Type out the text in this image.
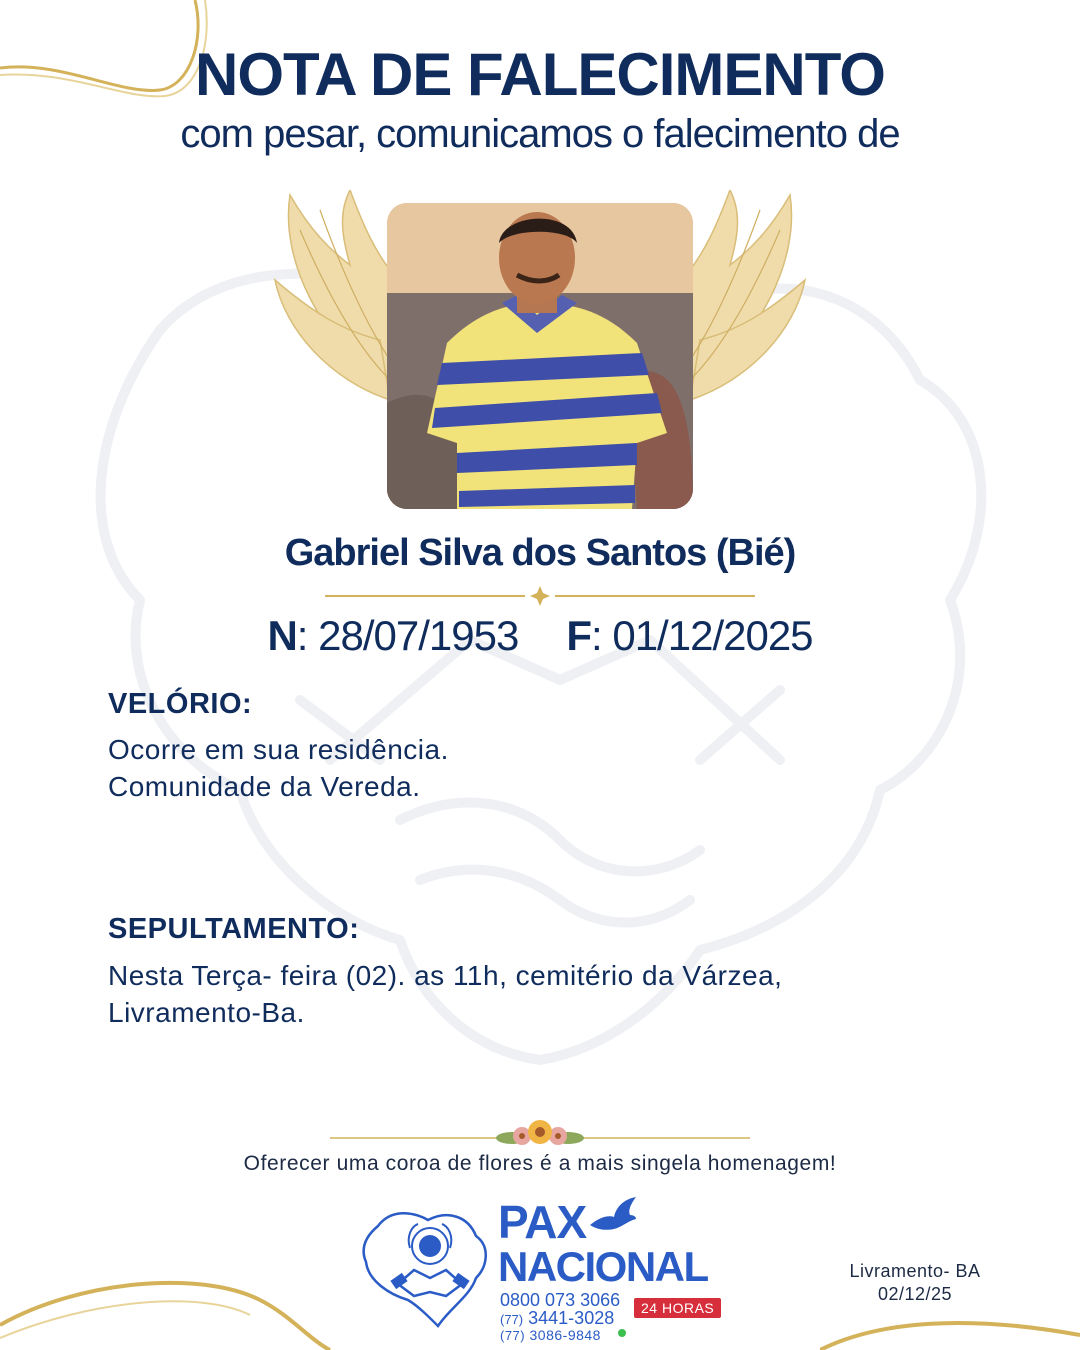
NOTA DE FALECIMENTO
com pesar, comunicamos o falecimento de
Gabriel Silva dos Santos (Bié)
N: 28/07/1953 F: 01/12/2025
VELÓRIO:
Ocorre em sua residência.
Comunidade da Vereda.
SEPULTAMENTO:
Nesta Terça- feira (02). as 11h, cemitério da Várzea,
Livramento-Ba.
Oferecer uma coroa de flores é a mais singela homenagem!
PAX
NACIONAL
0800 073 3066
(77) 3441-3028
(77) 3086-9848
24 HORAS
Livramento- BA
02/12/25
